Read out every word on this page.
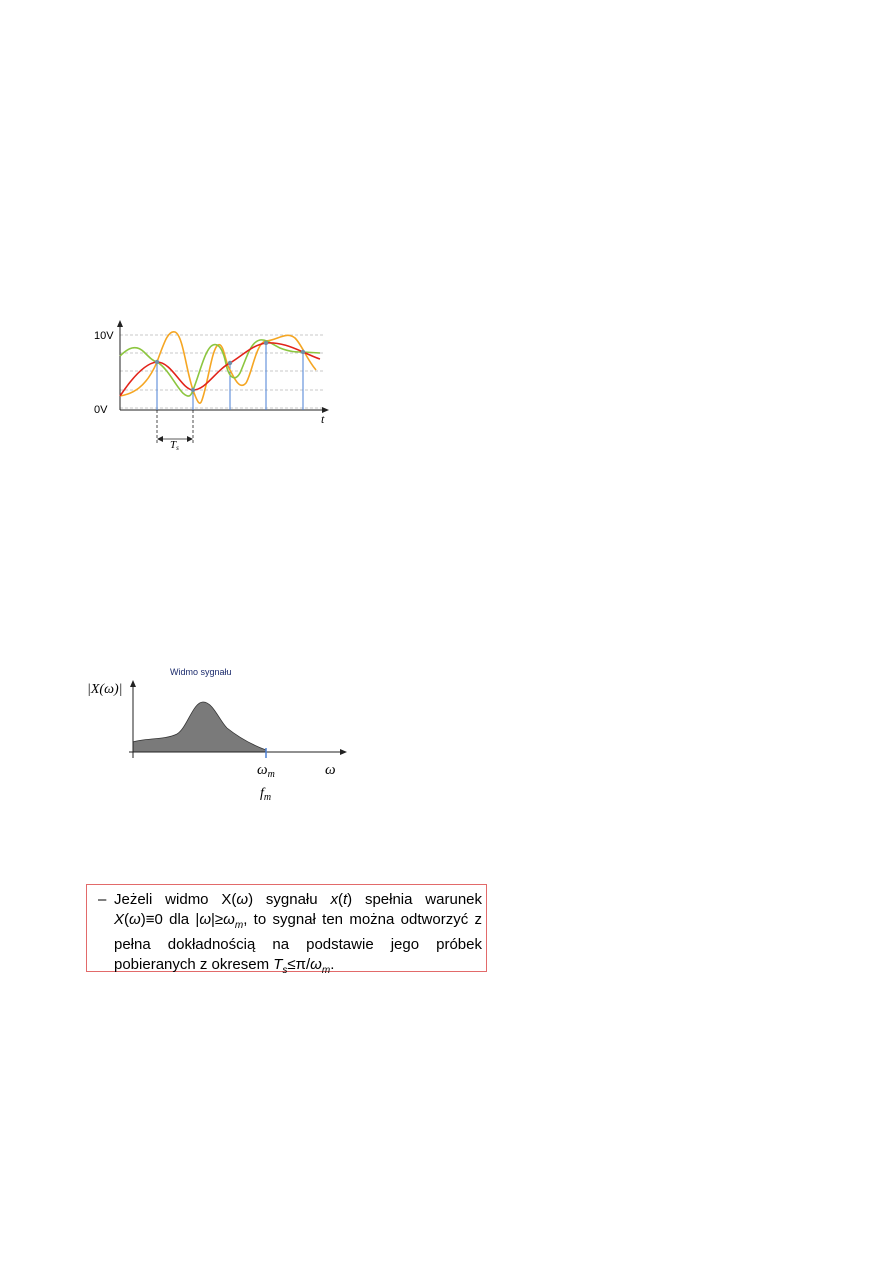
10V
0V
t
Ts
Widmo sygnału
|X(ω)|
$\omega_m$
$f_m$
ω

– Jeżeli widmo X(ω) sygnału x(t) spełnia warunek X(ω)≡0 dla $|\omega|\ge\omega_m$, to sygnał ten można odtworzyć z pełna dokładnością na podstawie jego próbek pobieranych z okresem $T_s\le\pi/\omega_m$.
